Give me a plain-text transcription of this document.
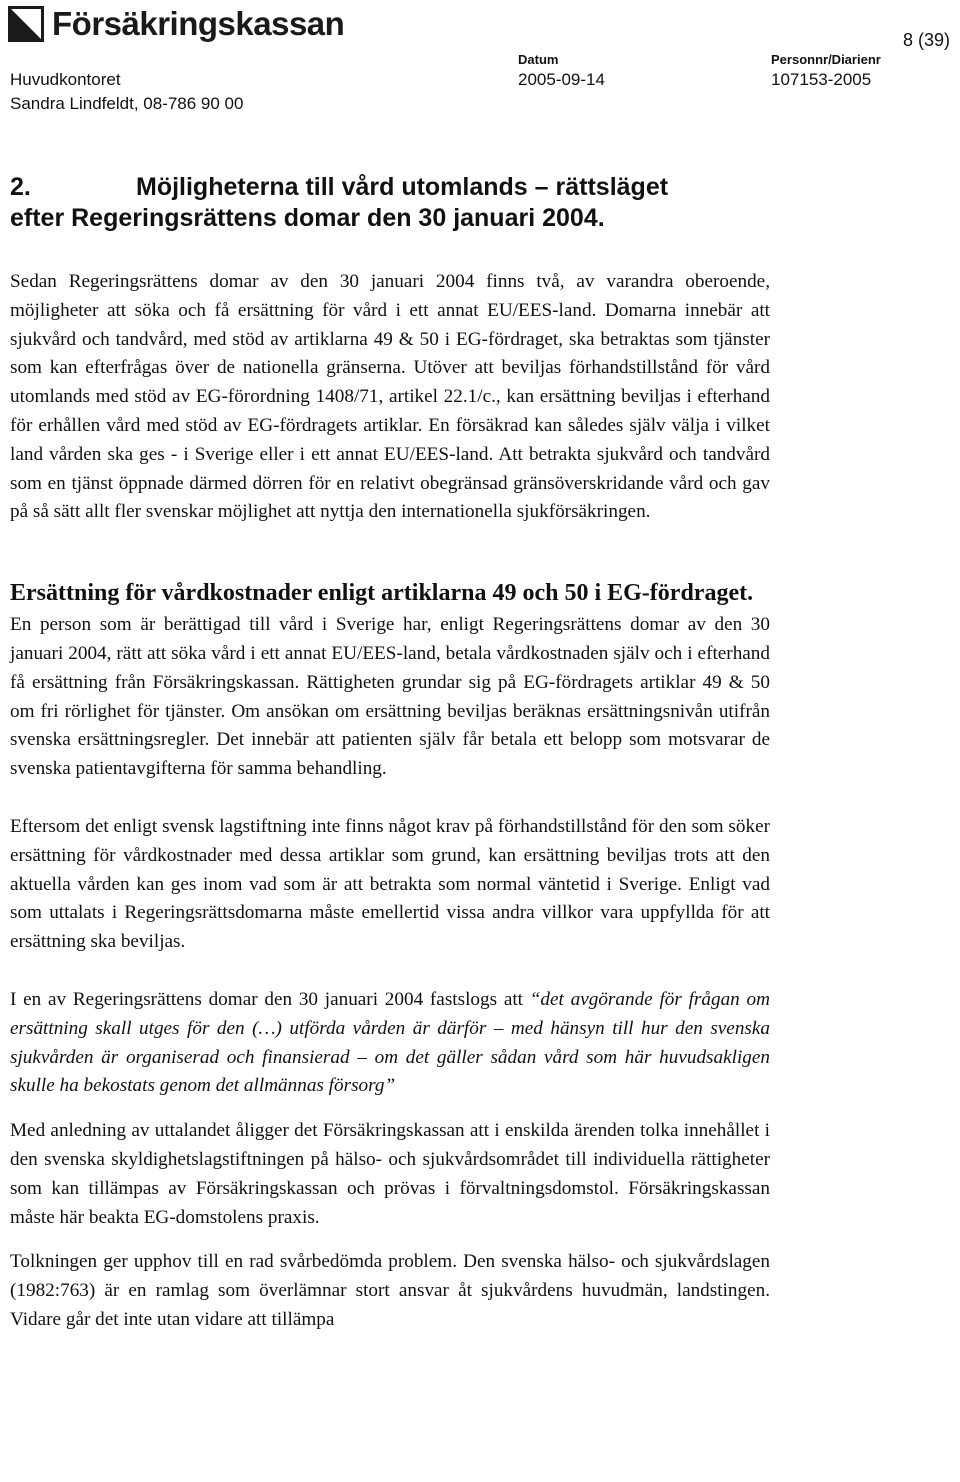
Försäkringskassan	8 (39)
Huvudkontoret
Sandra Lindfeldt, 08-786 90 00
Datum
2005-09-14
Personnr/Diarienr
107153-2005
2.	Möjligheterna till vård utomlands – rättsläget
efter Regeringsrättens domar den 30 januari 2004.

Sedan Regeringsrättens domar av den 30 januari 2004 finns två, av varandra oberoende, möjligheter att söka och få ersättning för vård i ett annat EU/EES-land. Domarna innebär att sjukvård och tandvård, med stöd av artiklarna 49 & 50 i EG-fördraget, ska betraktas som tjänster som kan efterfrågas över de nationella gränserna. Utöver att beviljas förhandstillstånd för vård utomlands med stöd av EG-förordning 1408/71, artikel 22.1/c., kan ersättning beviljas i efterhand för erhållen vård med stöd av EG-fördragets artiklar. En försäkrad kan således själv välja i vilket land vården ska ges - i Sverige eller i ett annat EU/EES-land. Att betrakta sjukvård och tandvård som en tjänst öppnade därmed dörren för en relativt obegränsad gränsöverskridande vård och gav på så sätt allt fler svenskar möjlighet att nyttja den internationella sjukförsäkringen.

Ersättning för vårdkostnader enligt artiklarna 49 och 50 i EG-fördraget.

En person som är berättigad till vård i Sverige har, enligt Regeringsrättens domar av den 30 januari 2004, rätt att söka vård i ett annat EU/EES-land, betala vårdkostnaden själv och i efterhand få ersättning från Försäkringskassan. Rättigheten grundar sig på EG-fördragets artiklar 49 & 50 om fri rörlighet för tjänster. Om ansökan om ersättning beviljas beräknas ersättningsnivån utifrån svenska ersättningsregler. Det innebär att patienten själv får betala ett belopp som motsvarar de svenska patientavgifterna för samma behandling.

Eftersom det enligt svensk lagstiftning inte finns något krav på förhandstillstånd för den som söker ersättning för vårdkostnader med dessa artiklar som grund, kan ersättning beviljas trots att den aktuella vården kan ges inom vad som är att betrakta som normal väntetid i Sverige. Enligt vad som uttalats i Regeringsrättsdomarna måste emellertid vissa andra villkor vara uppfyllda för att ersättning ska beviljas.

I en av Regeringsrättens domar den 30 januari 2004 fastslogs att “det avgörande för frågan om ersättning skall utges för den (…) utförda vården är därför – med hänsyn till hur den svenska sjukvården är organiserad och finansierad – om det gäller sådan vård som här huvudsakligen skulle ha bekostats genom det allmännas försorg”

Med anledning av uttalandet åligger det Försäkringskassan att i enskilda ärenden tolka innehållet i den svenska skyldighetslagstiftningen på hälso- och sjukvårdsområdet till individuella rättigheter som kan tillämpas av Försäkringskassan och prövas i förvaltningsdomstol. Försäkringskassan måste här beakta EG-domstolens praxis.

Tolkningen ger upphov till en rad svårbedömda problem. Den svenska hälso- och sjukvårdslagen (1982:763) är en ramlag som överlämnar stort ansvar åt sjukvårdens huvudmän, landstingen. Vidare går det inte utan vidare att tillämpa
